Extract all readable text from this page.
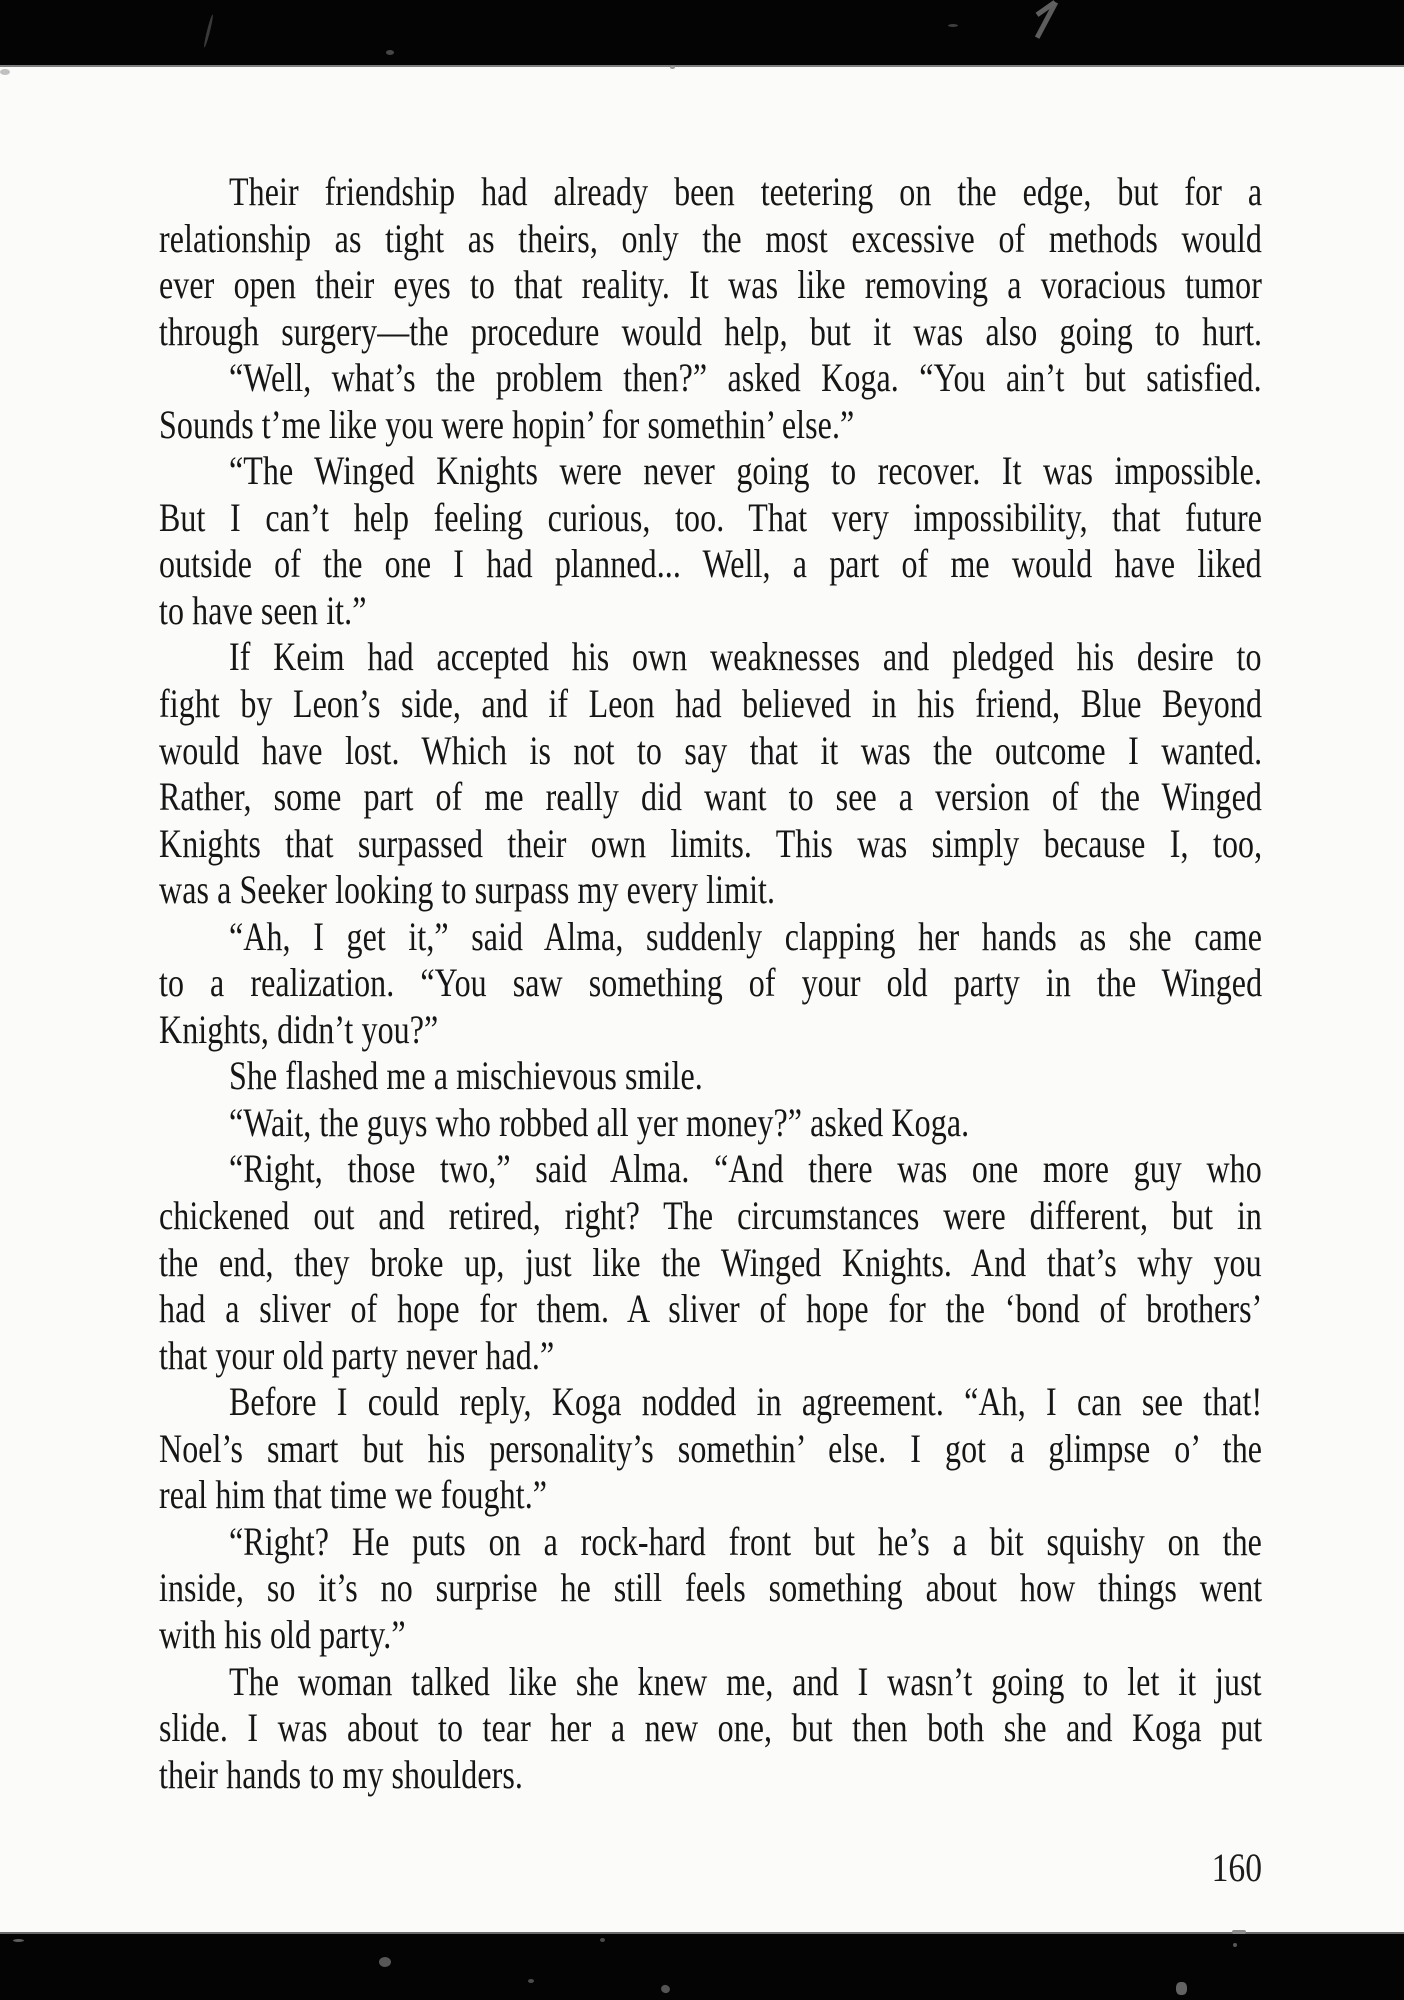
Their friendship had already been teetering on the edge, but for a
relationship as tight as theirs, only the most excessive of methods would
ever open their eyes to that reality. It was like removing a voracious tumor
through surgery—the procedure would help, but it was also going to hurt.
“Well, what’s the problem then?” asked Koga. “You ain’t but satisfied.
Sounds t’me like you were hopin’ for somethin’ else.”
“The Winged Knights were never going to recover. It was impossible.
But I can’t help feeling curious, too. That very impossibility, that future
outside of the one I had planned... Well, a part of me would have liked
to have seen it.”
If Keim had accepted his own weaknesses and pledged his desire to
fight by Leon’s side, and if Leon had believed in his friend, Blue Beyond
would have lost. Which is not to say that it was the outcome I wanted.
Rather, some part of me really did want to see a version of the Winged
Knights that surpassed their own limits. This was simply because I, too,
was a Seeker looking to surpass my every limit.
“Ah, I get it,” said Alma, suddenly clapping her hands as she came
to a realization. “You saw something of your old party in the Winged
Knights, didn’t you?”
She flashed me a mischievous smile.
“Wait, the guys who robbed all yer money?” asked Koga.
“Right, those two,” said Alma. “And there was one more guy who
chickened out and retired, right? The circumstances were different, but in
the end, they broke up, just like the Winged Knights. And that’s why you
had a sliver of hope for them. A sliver of hope for the ‘bond of brothers’
that your old party never had.”
Before I could reply, Koga nodded in agreement. “Ah, I can see that!
Noel’s smart but his personality’s somethin’ else. I got a glimpse o’ the
real him that time we fought.”
“Right? He puts on a rock-hard front but he’s a bit squishy on the
inside, so it’s no surprise he still feels something about how things went
with his old party.”
The woman talked like she knew me, and I wasn’t going to let it just
slide. I was about to tear her a new one, but then both she and Koga put
their hands to my shoulders.
160
